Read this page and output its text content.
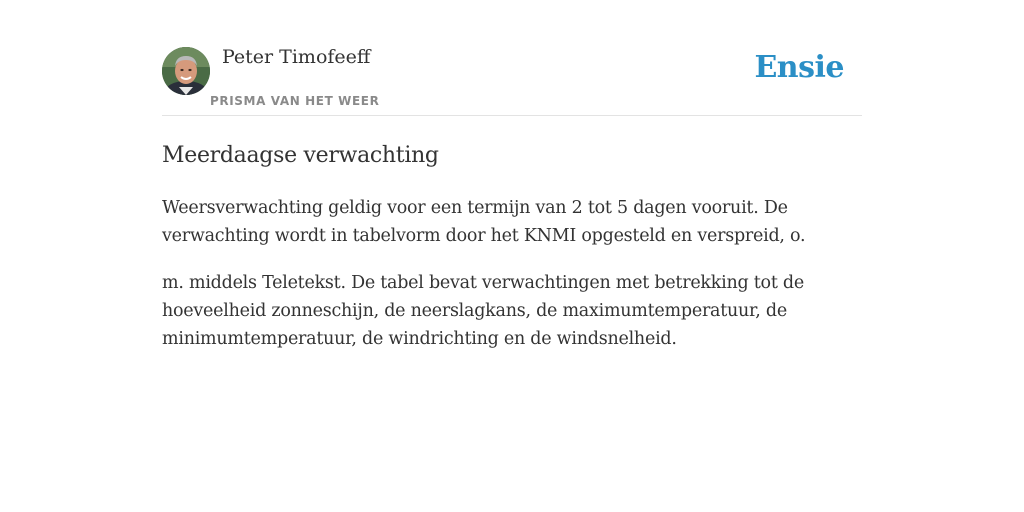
Peter Timofeeff
PRISMA VAN HET WEER
Ensie
Meerdaagse verwachting

Weersverwachting geldig voor een termijn van 2 tot 5 dagen vooruit. De verwachting wordt in tabelvorm door het KNMI opgesteld en verspreid, o.

m. middels Teletekst. De tabel bevat verwachtingen met betrekking tot de hoeveelheid zonneschijn, de neerslagkans, de maximumtemperatuur, de minimumtemperatuur, de windrichting en de windsnelheid.
